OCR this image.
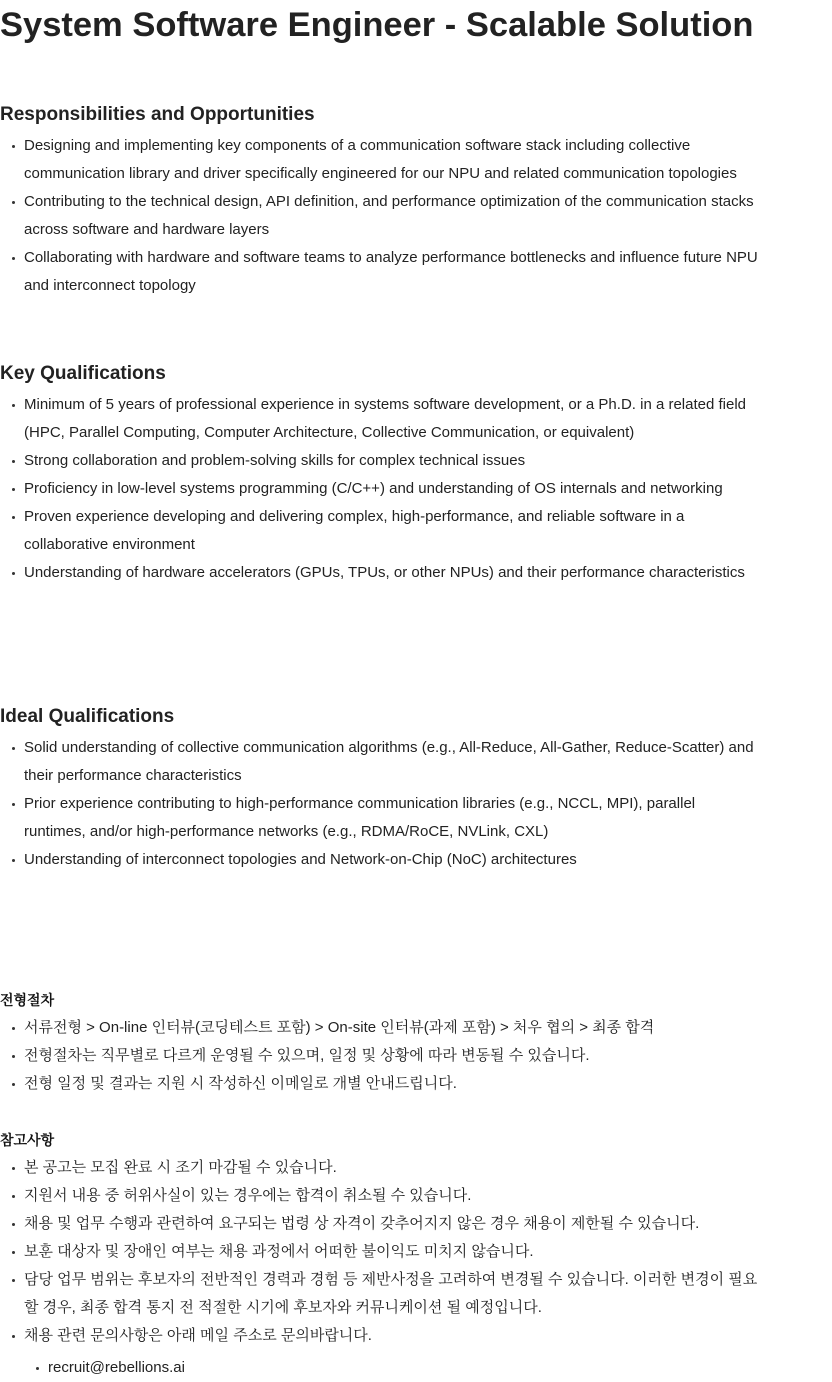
System Software Engineer - Scalable Solution
Responsibilities and Opportunities
Designing and implementing key components of a communication software stack including collective communication library and driver specifically engineered for our NPU and related communication topologies
Contributing to the technical design, API definition, and performance optimization of the communication stacks across software and hardware layers
Collaborating with hardware and software teams to analyze performance bottlenecks and influence future NPU and interconnect topology
Key Qualifications
Minimum of 5 years of professional experience in systems software development, or a Ph.D. in a related field (HPC, Parallel Computing, Computer Architecture, Collective Communication, or equivalent)
Strong collaboration and problem-solving skills for complex technical issues
Proficiency in low-level systems programming (C/C++) and understanding of OS internals and networking
Proven experience developing and delivering complex, high-performance, and reliable software in a collaborative environment
Understanding of hardware accelerators (GPUs, TPUs, or other NPUs) and their performance characteristics
Ideal Qualifications
Solid understanding of collective communication algorithms (e.g., All-Reduce, All-Gather, Reduce-Scatter) and their performance characteristics
Prior experience contributing to high-performance communication libraries (e.g., NCCL, MPI), parallel runtimes, and/or high-performance networks (e.g., RDMA/RoCE, NVLink, CXL)
Understanding of interconnect topologies and Network-on-Chip (NoC) architectures
전형절차
서류전형 > On-line 인터뷰(코딩테스트 포함) > On-site 인터뷰(과제 포함) > 처우 협의 > 최종 합격
전형절차는 직무별로 다르게 운영될 수 있으며, 일정 및 상황에 따라 변동될 수 있습니다.
전형 일정 및 결과는 지원 시 작성하신 이메일로 개별 안내드립니다.
참고사항
본 공고는 모집 완료 시 조기 마감될 수 있습니다.
지원서 내용 중 허위사실이 있는 경우에는 합격이 취소될 수 있습니다.
채용 및 업무 수행과 관련하여 요구되는 법령 상 자격이 갖추어지지 않은 경우 채용이 제한될 수 있습니다.
보훈 대상자 및 장애인 여부는 채용 과정에서 어떠한 불이익도 미치지 않습니다.
담당 업무 범위는 후보자의 전반적인 경력과 경험 등 제반사정을 고려하여 변경될 수 있습니다. 이러한 변경이 필요할 경우, 최종 합격 통지 전 적절한 시기에 후보자와 커뮤니케이션 될 예정입니다.
채용 관련 문의사항은 아래 메일 주소로 문의바랍니다.
recruit@rebellions.ai
